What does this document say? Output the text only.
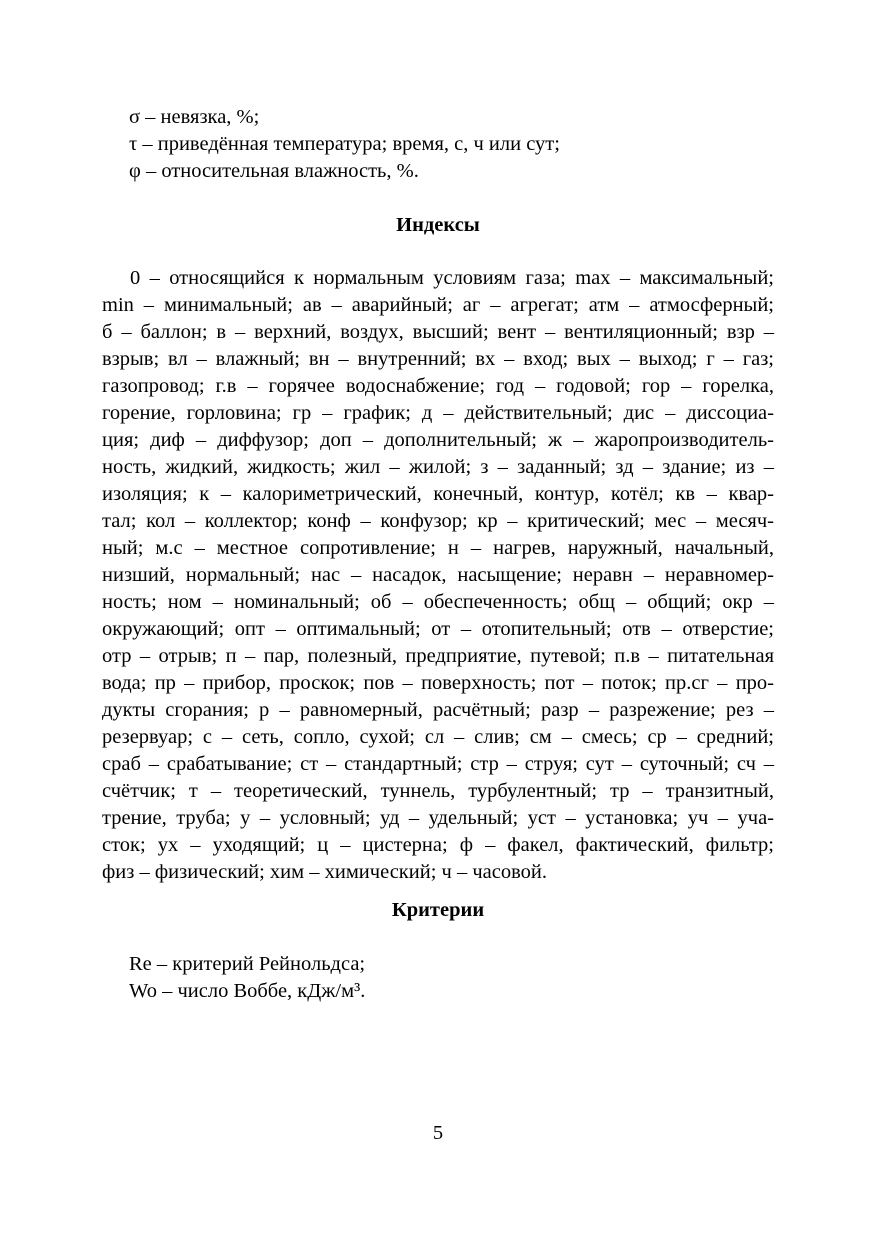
σ – невязка, %;
τ – приведённая температура; время, с, ч или сут;
φ – относительная влажность, %.
Индексы
0 – относящийся к нормальным условиям газа; max – максимальный;
min – минимальный; ав – аварийный; аг – агрегат; атм – атмосферный;
б – баллон; в – верхний, воздух, высший; вент – вентиляционный; взр –
взрыв; вл – влажный; вн – внутренний; вх – вход; вых – выход; г – газ;
газопровод; г.в – горячее водоснабжение; год – годовой; гор – горелка,
горение, горловина; гр – график; д – действительный; дис – диссоциа-
ция; диф – диффузор; доп – дополнительный; ж – жаропроизводитель-
ность, жидкий, жидкость; жил – жилой; з – заданный; зд – здание; из –
изоляция; к – калориметрический, конечный, контур, котёл; кв – квар-
тал; кол – коллектор; конф – конфузор; кр – критический; мес – месяч-
ный; м.с – местное сопротивление; н – нагрев, наружный, начальный,
низший, нормальный; нас – насадок, насыщение; неравн – неравномер-
ность; ном – номинальный; об – обеспеченность; общ – общий; окр –
окружающий; опт – оптимальный; от – отопительный; отв – отверстие;
отр – отрыв; п – пар, полезный, предприятие, путевой; п.в – питательная
вода; пр – прибор, проскок; пов – поверхность; пот – поток; пр.сг – про-
дукты сгорания; р – равномерный, расчётный; разр – разрежение; рез –
резервуар; с – сеть, сопло, сухой; сл – слив; см – смесь; ср – средний;
сраб – срабатывание; ст – стандартный; стр – струя; сут – суточный; сч –
счётчик; т – теоретический, туннель, турбулентный; тр – транзитный,
трение, труба; у – условный; уд – удельный; уст – установка; уч – уча-
сток; ух – уходящий; ц – цистерна; ф – факел, фактический, фильтр;
физ – физический; хим – химический; ч – часовой.
Критерии
Re – критерий Рейнольдса;
Wo – число Воббе, кДж/м³.
5
